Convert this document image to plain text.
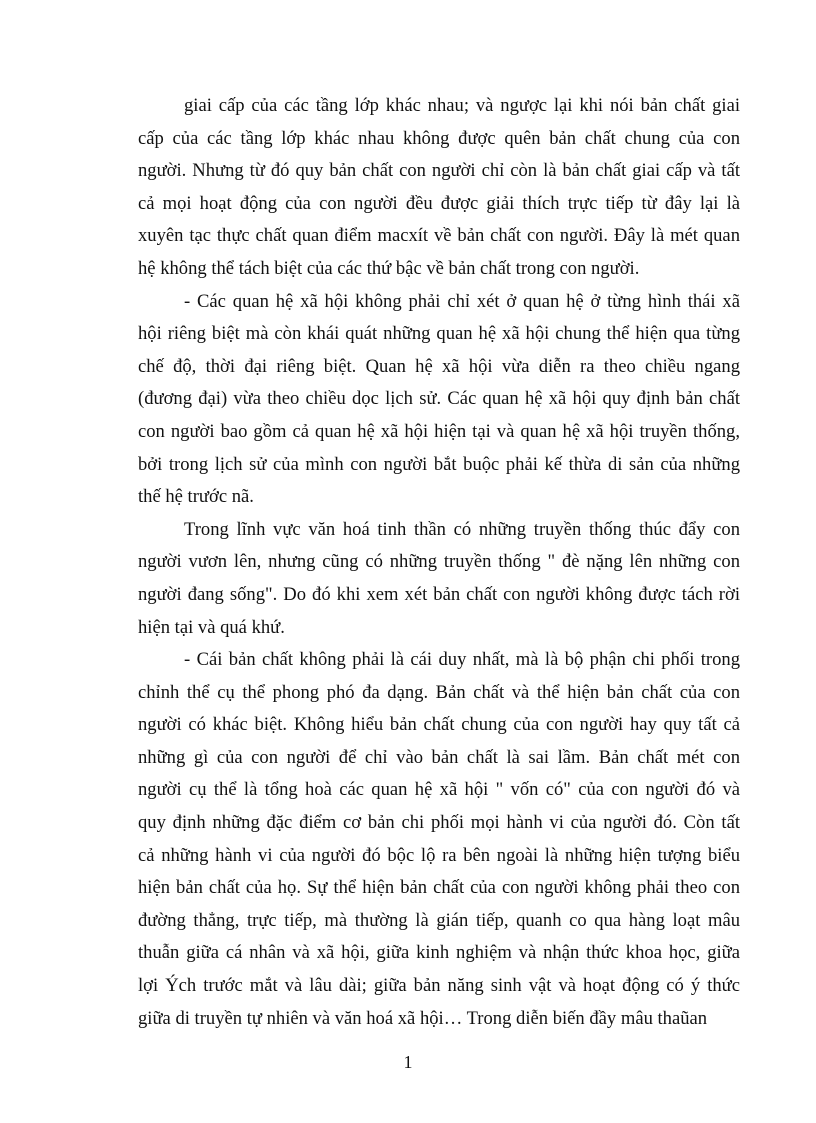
giai cấp của các tầng lớp khác nhau; và ngược lại khi nói bản chất giai
cấp của các tầng lớp khác nhau không được quên bản chất chung của con
người. Nhưng từ đó quy bản chất con người chỉ còn là bản chất giai cấp và tất
cả mọi hoạt động của con người đều được giải thích trực tiếp từ đây lại là
xuyên tạc thực chất quan điểm macxít về bản chất con người. Đây là mét quan
hệ không thể tách biệt của các thứ bậc về bản chất trong con người.
- Các quan hệ xã hội không phải chỉ xét ở quan hệ ở từng hình thái xã
hội riêng biệt mà còn khái quát những quan hệ xã hội chung thể hiện qua từng
chế độ, thời đại riêng biệt. Quan hệ xã hội vừa diễn ra theo chiều ngang
(đương đại) vừa theo chiều dọc lịch sử. Các quan hệ xã hội quy định bản chất
con người bao gồm cả quan hệ xã hội hiện tại và quan hệ xã hội truyền thống,
bởi trong lịch sử của mình con người bắt buộc phải kế thừa di sản của những
thế hệ trước nã.
Trong lĩnh vực văn hoá tinh thần có những truyền thống thúc đẩy con
người vươn lên, nhưng cũng có những truyền thống " đè nặng lên những con
người đang sống". Do đó khi xem xét bản chất con người không được tách rời
hiện tại và quá khứ.
- Cái bản chất không phải là cái duy nhất, mà là bộ phận chi phối trong
chỉnh thể cụ thể phong phó đa dạng. Bản chất và thể hiện bản chất của con
người có khác biệt. Không hiểu bản chất chung của con người hay quy tất cả
những gì của con người để chỉ vào bản chất là sai lầm. Bản chất mét con
người cụ thể là tổng hoà các quan hệ xã hội " vốn có" của con người đó và
quy định những đặc điểm cơ bản chi phối mọi hành vi của người đó. Còn tất
cả những hành vi của người đó bộc lộ ra bên ngoài là những hiện tượng biểu
hiện bản chất của họ. Sự thể hiện bản chất của con người không phải theo con
đường thẳng, trực tiếp, mà thường là gián tiếp, quanh co qua hàng loạt mâu
thuẫn giữa cá nhân và xã hội, giữa kinh nghiệm và nhận thức khoa học, giữa
lợi Ých trước mắt và lâu dài; giữa bản năng sinh vật và hoạt động có ý thức
giữa di truyền tự nhiên và văn hoá xã hội… Trong diễn biến đầy mâu thaũan
1
